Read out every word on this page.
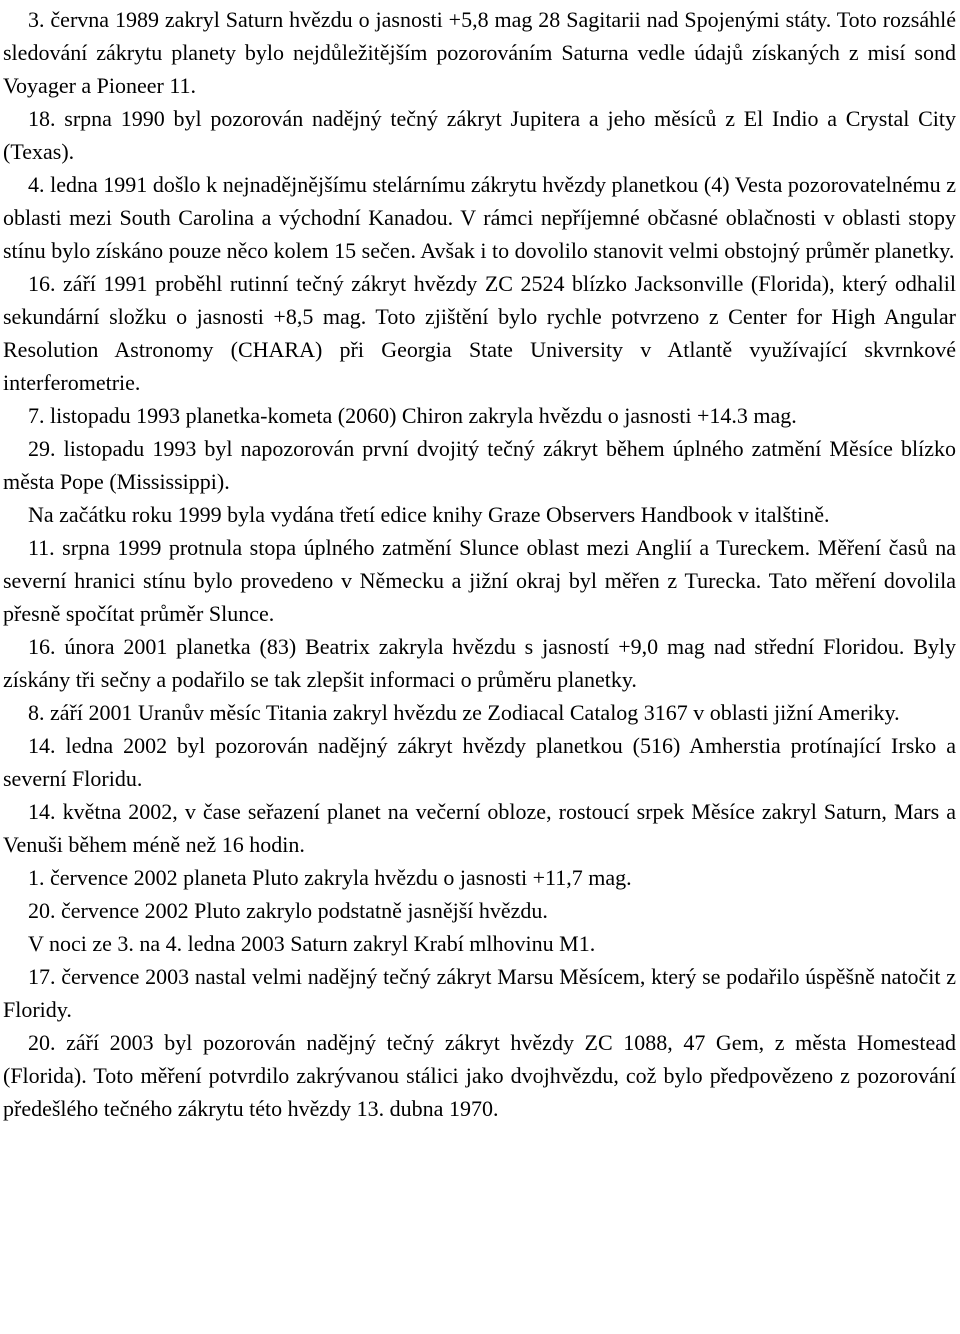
3. června 1989 zakryl Saturn hvězdu o jasnosti +5,8 mag 28 Sagitarii nad Spojenými státy. Toto rozsáhlé sledování zákrytu planety bylo nejdůležitějším pozorováním Saturna vedle údajů získaných z misí sond Voyager a Pioneer 11.

18. srpna 1990 byl pozorován nadějný tečný zákryt Jupitera a jeho měsíců z El Indio a Crystal City (Texas).

4. ledna 1991 došlo k nejnadějnějšímu stelárnímu zákrytu hvězdy planetkou (4) Vesta pozorovatelnému z oblasti mezi South Carolina a východní Kanadou. V rámci nepříjemné občasné oblačnosti v oblasti stopy stínu bylo získáno pouze něco kolem 15 sečen. Avšak i to dovolilo stanovit velmi obstojný průměr planetky.

16. září 1991 proběhl rutinní tečný zákryt hvězdy ZC 2524 blízko Jacksonville (Florida), který odhalil sekundární složku o jasnosti +8,5 mag. Toto zjištění bylo rychle potvrzeno z Center for High Angular Resolution Astronomy (CHARA) při Georgia State University v Atlantě využívající skvrnkové interferometrie.

7. listopadu 1993 planetka-kometa (2060) Chiron zakryla hvězdu o jasnosti +14.3 mag.

29. listopadu 1993 byl napozorován první dvojitý tečný zákryt během úplného zatmění Měsíce blízko města Pope (Mississippi).

Na začátku roku 1999 byla vydána třetí edice knihy Graze Observers Handbook v italštině.

11. srpna 1999 protnula stopa úplného zatmění Slunce oblast mezi Anglií a Tureckem. Měření časů na severní hranici stínu bylo provedeno v Německu a jižní okraj byl měřen z Turecka. Tato měření dovolila přesně spočítat průměr Slunce.

16. února 2001 planetka (83) Beatrix zakryla hvězdu s jasností +9,0 mag nad střední Floridou. Byly získány tři sečny a podařilo se tak zlepšit informaci o průměru planetky.

8. září 2001 Uranův měsíc Titania zakryl hvězdu ze Zodiacal Catalog 3167 v oblasti jižní Ameriky.

14. ledna 2002 byl pozorován nadějný zákryt hvězdy planetkou (516) Amherstia protínající Irsko a severní Floridu.

14. května 2002, v čase seřazení planet na večerní obloze, rostoucí srpek Měsíce zakryl Saturn, Mars a Venuši během méně než 16 hodin.

1. července 2002 planeta Pluto zakryla hvězdu o jasnosti +11,7 mag.

20. července 2002 Pluto zakrylo podstatně jasnější hvězdu.

V noci ze 3. na 4. ledna 2003 Saturn zakryl Krabí mlhovinu M1.

17. července 2003 nastal velmi nadějný tečný zákryt Marsu Měsícem, který se podařilo úspěšně natočit z Floridy.

20. září 2003 byl pozorován nadějný tečný zákryt hvězdy ZC 1088, 47 Gem, z města Homestead (Florida). Toto měření potvrdilo zakrývanou stálici jako dvojhvězdu, což bylo předpovězeno z pozorování předešlého tečného zákrytu této hvězdy 13. dubna 1970.
